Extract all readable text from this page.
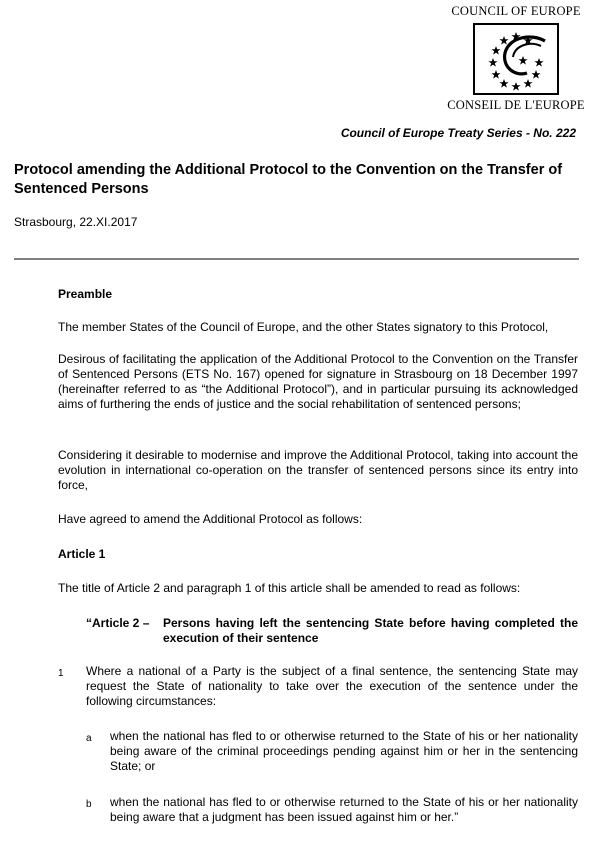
COUNCIL OF EUROPE
CONSEIL DE L'EUROPE
Council of Europe Treaty Series - No. 222
Protocol amending the Additional Protocol to the Convention on the Transfer of Sentenced Persons
Strasbourg, 22.XI.2017
Preamble
The member States of the Council of Europe, and the other States signatory to this Protocol,
Desirous of facilitating the application of the Additional Protocol to the Convention on the Transfer of Sentenced Persons (ETS No. 167) opened for signature in Strasbourg on 18 December 1997 (hereinafter referred to as “the Additional Protocol”), and in particular pursuing its acknowledged aims of furthering the ends of justice and the social rehabilitation of sentenced persons;
Considering it desirable to modernise and improve the Additional Protocol, taking into account the evolution in international co-operation on the transfer of sentenced persons since its entry into force,
Have agreed to amend the Additional Protocol as follows:
Article 1
The title of Article 2 and paragraph 1 of this article shall be amended to read as follows:
“Article 2 –	Persons having left the sentencing State before having completed the execution of their sentence
1 Where a national of a Party is the subject of a final sentence, the sentencing State may request the State of nationality to take over the execution of the sentence under the following circumstances:
a when the national has fled to or otherwise returned to the State of his or her nationality being aware of the criminal proceedings pending against him or her in the sentencing State; or
b when the national has fled to or otherwise returned to the State of his or her nationality being aware that a judgment has been issued against him or her.”
